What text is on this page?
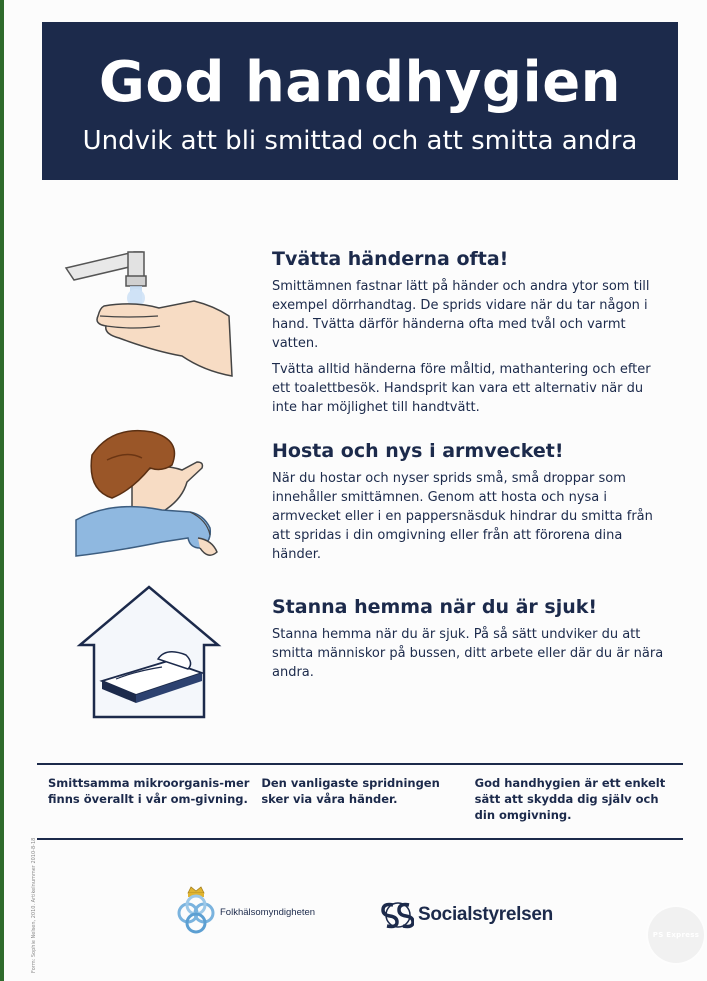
God handhygien
Undvik att bli smittad och att smitta andra
Tvätta händerna ofta!

Smittämnen fastnar lätt på händer och andra ytor som till exempel dörrhandtag. De sprids vidare när du tar någon i hand. Tvätta därför händerna ofta med tvål och varmt vatten.

Tvätta alltid händerna före måltid, mathantering och efter ett toalettbesök. Handsprit kan vara ett alternativ när du inte har möjlighet till handtvätt.

Hosta och nys i armvecket!

När du hostar och nyser sprids små, små droppar som innehåller smittämnen. Genom att hosta och nysa i armvecket eller i en pappersnäsduk hindrar du smitta från att spridas i din omgivning eller från att förorena dina händer.

Stanna hemma när du är sjuk!

Stanna hemma när du är sjuk. På så sätt undviker du att smitta människor på bussen, ditt arbete eller där du är nära andra.

Smittsamma mikroorganis-mer finns överallt i vår om-givning.
Den vanligaste spridningen sker via våra händer.
God handhygien är ett enkelt sätt att skydda dig själv och din omgivning.
Form: Sophie Nelsen, 2010. Artikelnummer 2010-8-18	Folkhälsomyndigheten	Socialstyrelsen
PS Express
